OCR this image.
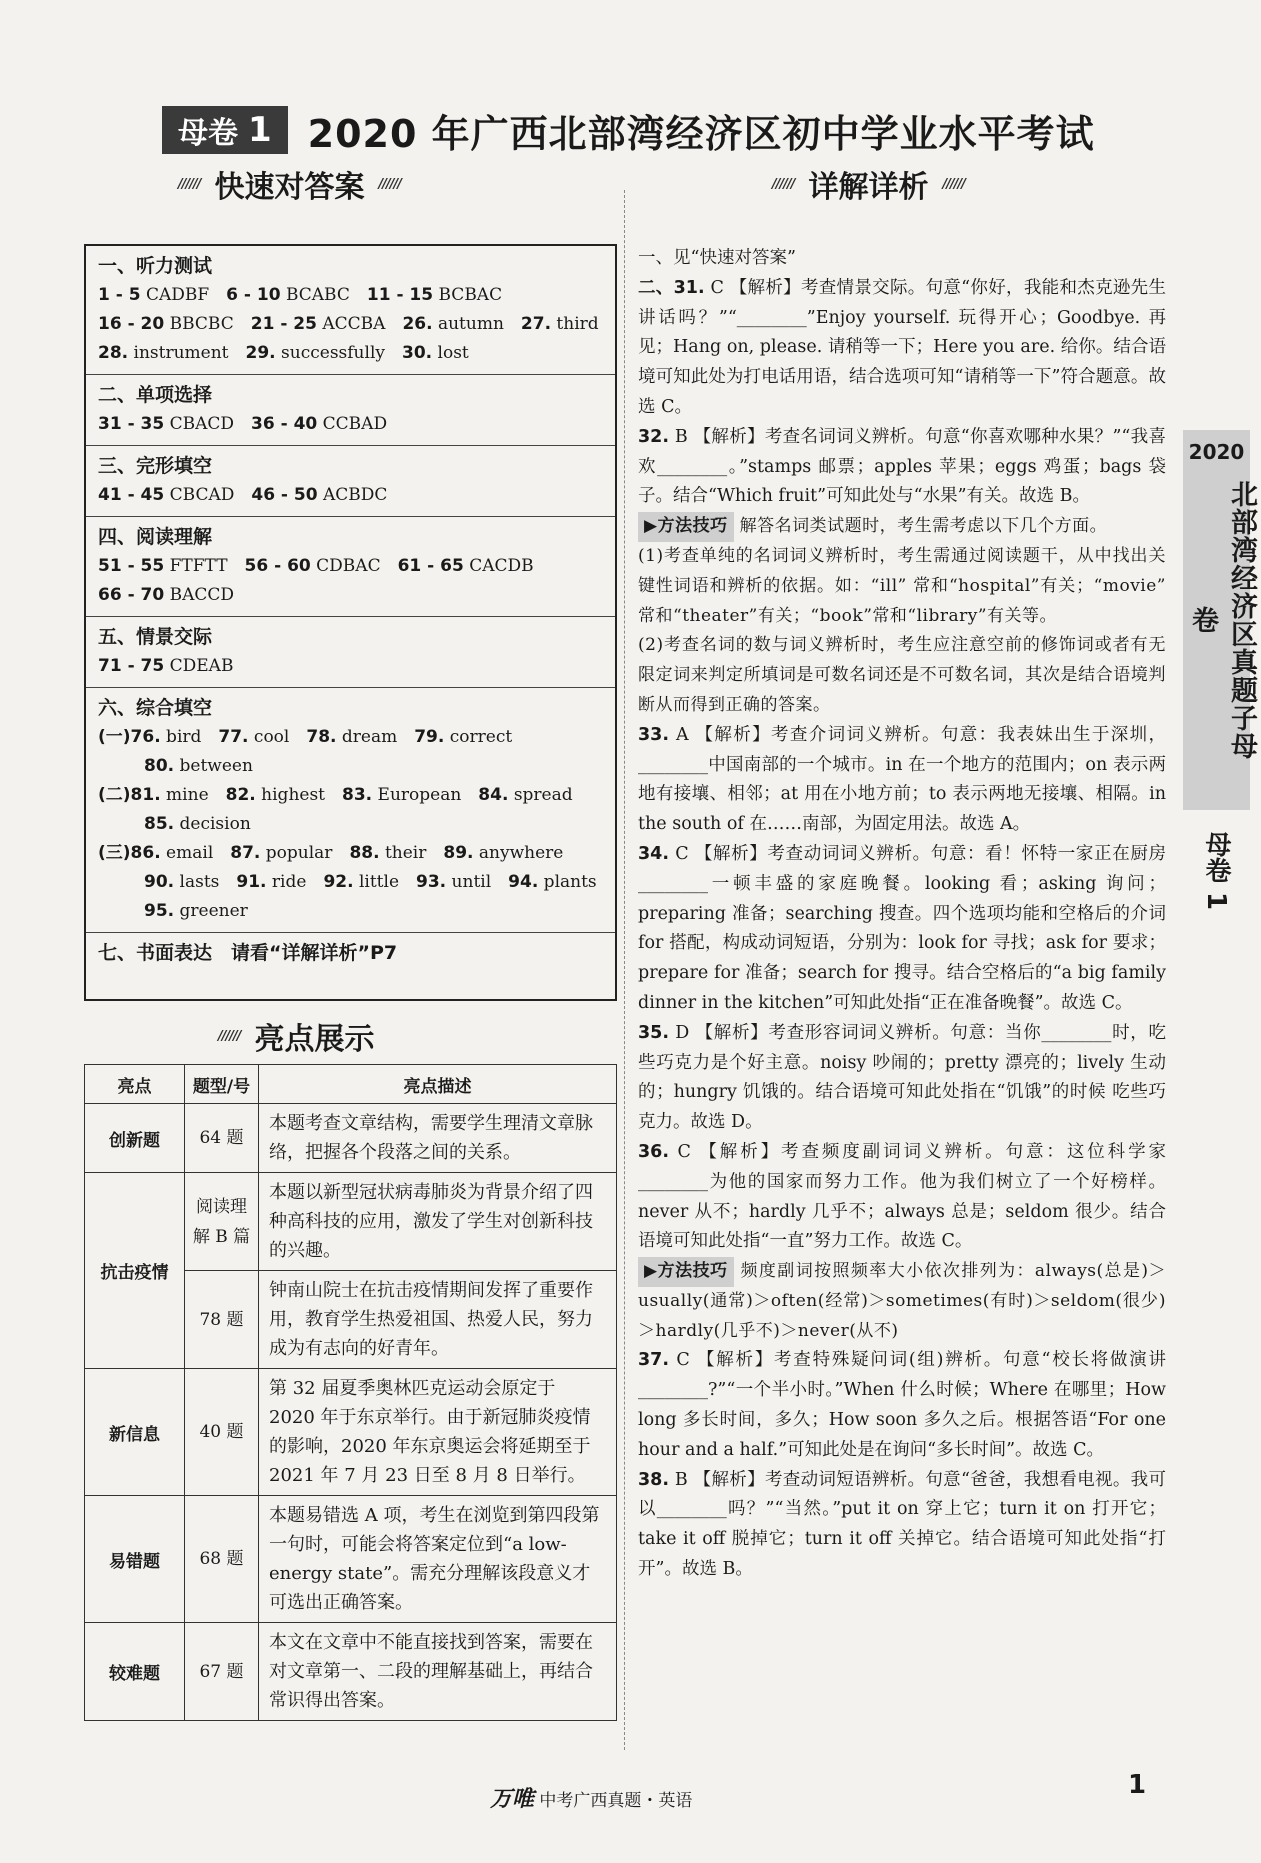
母卷 1 2020 年广西北部湾经济区初中学业水平考试
////// 快速对答案 //////	////// 详解详析 //////
一、听力测试
1 - 5 CADBF  6 - 10 BCABC  11 - 15 BCBAC
16 - 20 BBCBC  21 - 25 ACCBA  26. autumn  27. third
28. instrument  29. successfully  30. lost
二、单项选择
31 - 35 CBACD  36 - 40 CCBAD
三、完形填空
41 - 45 CBCAD  46 - 50 ACBDC
四、阅读理解
51 - 55 FTFTT  56 - 60 CDBAC  61 - 65 CACDB
66 - 70 BACCD
五、情景交际
71 - 75 CDEAB
六、综合填空
(一)76. bird  77. cool  78. dream  79. correct
80. between
(二)81. mine  82. highest  83. European  84. spread
85. decision
(三)86. email  87. popular  88. their  89. anywhere
90. lasts  91. ride  92. little  93. until  94. plants
95. greener
七、书面表达　请看“详解详析”P7
////// 亮点展示
亮点	题型/号	亮点描述
创新题	64 题	本题考查文章结构，需要学生理清文章脉络，把握各个段落之间的关系。
抗击疫情	阅读理解 B 篇	本题以新型冠状病毒肺炎为背景介绍了四种高科技的应用，激发了学生对创新科技的兴趣。
	78 题	钟南山院士在抗击疫情期间发挥了重要作用，教育学生热爱祖国、热爱人民，努力成为有志向的好青年。
新信息	40 题	第 32 届夏季奥林匹克运动会原定于 2020 年于东京举行。由于新冠肺炎疫情的影响，2020 年东京奥运会将延期至于 2021 年 7 月 23 日至 8 月 8 日举行。
易错题	68 题	本题易错选 A 项，考生在浏览到第四段第一句时，可能会将答案定位到“a low-energy state”。需充分理解该段意义才可选出正确答案。
较难题	67 题	本文在文章中不能直接找到答案，需要在对文章第一、二段的理解基础上，再结合常识得出答案。
一、见“快速对答案”
二、31. C 【解析】考查情景交际。句意“你好，我能和杰克逊先生讲话吗？”“________”Enjoy yourself. 玩得开心；Goodbye. 再见；Hang on, please. 请稍等一下；Here you are. 给你。结合语境可知此处为打电话用语，结合选项可知“请稍等一下”符合题意。故选 C。
32. B 【解析】考查名词词义辨析。句意“你喜欢哪种水果？”“我喜欢________。”stamps 邮票；apples 苹果；eggs 鸡蛋；bags 袋子。结合“Which fruit”可知此处与“水果”有关。故选 B。
▶方法技巧 解答名词类试题时，考生需考虑以下几个方面。
(1)考查单纯的名词词义辨析时，考生需通过阅读题干，从中找出关键性词语和辨析的依据。如：“ill” 常和“hospital”有关；“movie” 常和“theater”有关；“book”常和“library”有关等。
(2)考查名词的数与词义辨析时，考生应注意空前的修饰词或者有无限定词来判定所填词是可数名词还是不可数名词，其次是结合语境判断从而得到正确的答案。
33. A 【解析】考查介词词义辨析。句意：我表妹出生于深圳，________中国南部的一个城市。in 在一个地方的范围内；on 表示两地有接壤、相邻；at 用在小地方前；to 表示两地无接壤、相隔。in the south of 在……南部，为固定用法。故选 A。
34. C 【解析】考查动词词义辨析。句意：看！怀特一家正在厨房________一顿丰盛的家庭晚餐。looking 看；asking 询问；preparing 准备；searching 搜查。四个选项均能和空格后的介词 for 搭配，构成动词短语，分别为：look for 寻找；ask for 要求；prepare for 准备；search for 搜寻。结合空格后的“a big family dinner in the kitchen”可知此处指“正在准备晚餐”。故选 C。
35. D 【解析】考查形容词词义辨析。句意：当你________时，吃些巧克力是个好主意。noisy 吵闹的；pretty 漂亮的；lively 生动的；hungry 饥饿的。结合语境可知此处指在“饥饿”的时候 吃些巧克力。故选 D。
36. C 【解析】考查频度副词词义辨析。句意：这位科学家________为他的国家而努力工作。他为我们树立了一个好榜样。never 从不；hardly 几乎不；always 总是；seldom 很少。结合语境可知此处指“一直”努力工作。故选 C。
▶方法技巧 频度副词按照频率大小依次排列为：always(总是)＞usually(通常)＞often(经常)＞sometimes(有时)＞seldom(很少)＞hardly(几乎不)＞never(从不)
37. C 【解析】考查特殊疑问词(组)辨析。句意“校长将做演讲________?”“一个半小时。”When 什么时候；Where 在哪里；How long 多长时间，多久；How soon 多久之后。根据答语“For one hour and a half.”可知此处是在询问“多长时间”。故选 C。
38. B 【解析】考查动词短语辨析。句意“爸爸，我想看电视。我可以________吗？”“当然。”put it on 穿上它；turn it on 打开它；take it off 脱掉它；turn it off 关掉它。结合语境可知此处指“打开”。故选 B。
2020
北部湾经济区真题子母卷
母卷 1
万唯 中考广西真题・英语
1
